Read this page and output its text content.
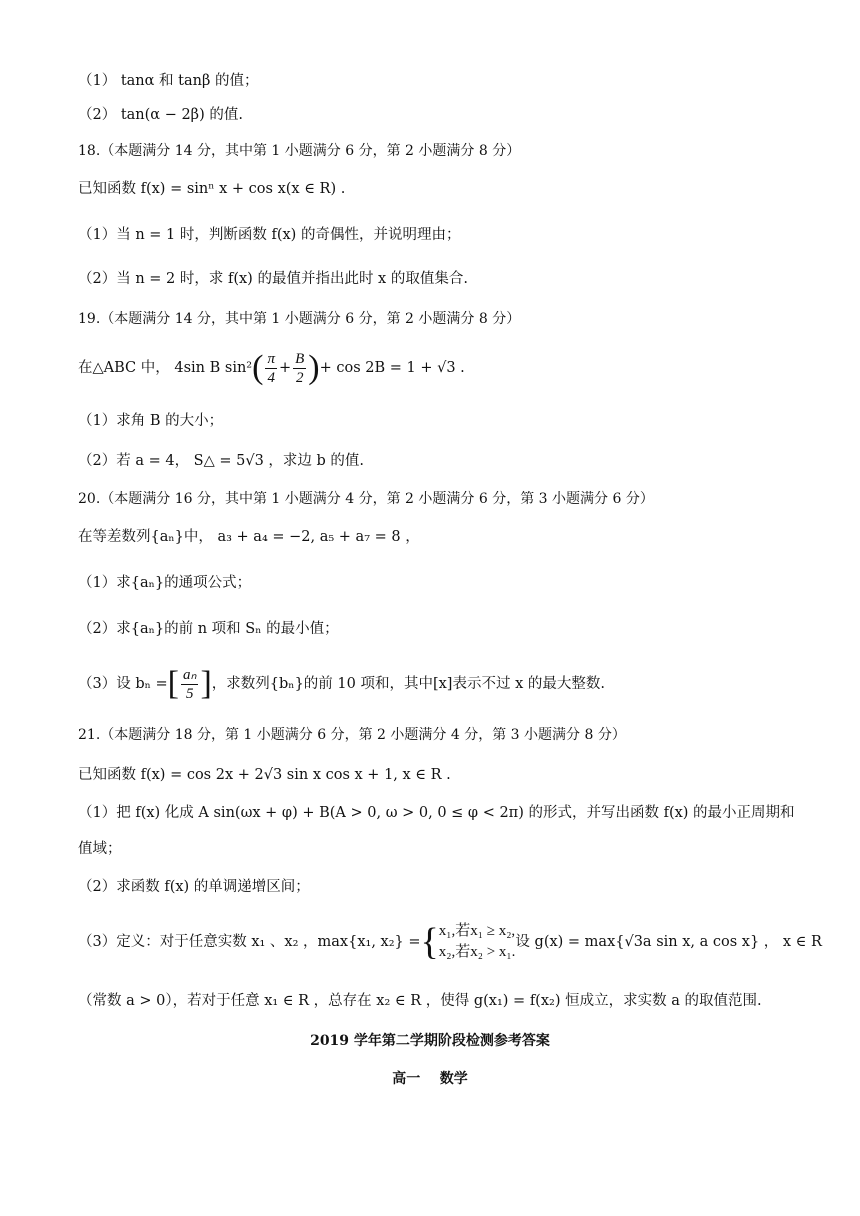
（1） tanα 和 tanβ 的值；
（2） tan(α − 2β) 的值.
18.（本题满分 14 分，其中第 1 小题满分 6 分，第 2 小题满分 8 分）
已知函数 f(x) = sinⁿ x + cos x(x ∈ R) .
（1）当 n = 1 时，判断函数 f(x) 的奇偶性，并说明理由；
（2）当 n = 2 时，求 f(x) 的最值并指出此时 x 的取值集合.
19.（本题满分 14 分，其中第 1 小题满分 6 分，第 2 小题满分 8 分）
在△ABC 中， 4sin B $\sin^2( \frac{\pi}{4} + \frac{B}{2}$ )+ cos 2B = 1 + √3 .
（1）求角 B 的大小；
（2）若 a = 4， S△ = 5√3 ，求边 b 的值.
20.（本题满分 16 分，其中第 1 小题满分 4 分，第 2 小题满分 6 分，第 3 小题满分 6 分）
在等差数列{aₙ}中， a₃ + a₄ = −2, a₅ + a₇ = 8 ，
（1）求{aₙ}的通项公式；
（2）求{aₙ}的前 n 项和 Sₙ 的最小值；
（3）设 bₙ =[ $\frac{\text{aₙ}}{5}$ ]，求数列{bₙ}的前 10 项和，其中[x]表示不过 x 的最大整数.
21.（本题满分 18 分，第 1 小题满分 6 分，第 2 小题满分 4 分，第 3 小题满分 8 分）
已知函数 f(x) = cos 2x + 2√3 sin x cos x + 1, x ∈ R .
（1）把 f(x) 化成 A sin(ωx + φ) + B(A > 0, ω > 0, 0 ≤ φ < 2π) 的形式，并写出函数 f(x) 的最小正周期和
值域；
（2）求函数 f(x) 的单调递增区间；
（3）定义：对于任意实数 x₁ 、x₂ ，max{x₁, x₂} ={ x₁,若x₁ ≥ x₂,
x₂,若x₂ > x₁.
设 g(x) = max{√3a sin x, a cos x} ， x ∈ R
（常数 a > 0），若对于任意 x₁ ∈ R ，总存在 x₂ ∈ R ，使得 g(x₁) = f(x₂) 恒成立，求实数 a 的取值范围.
2019 学年第二学期阶段检测参考答案
高一    数学
